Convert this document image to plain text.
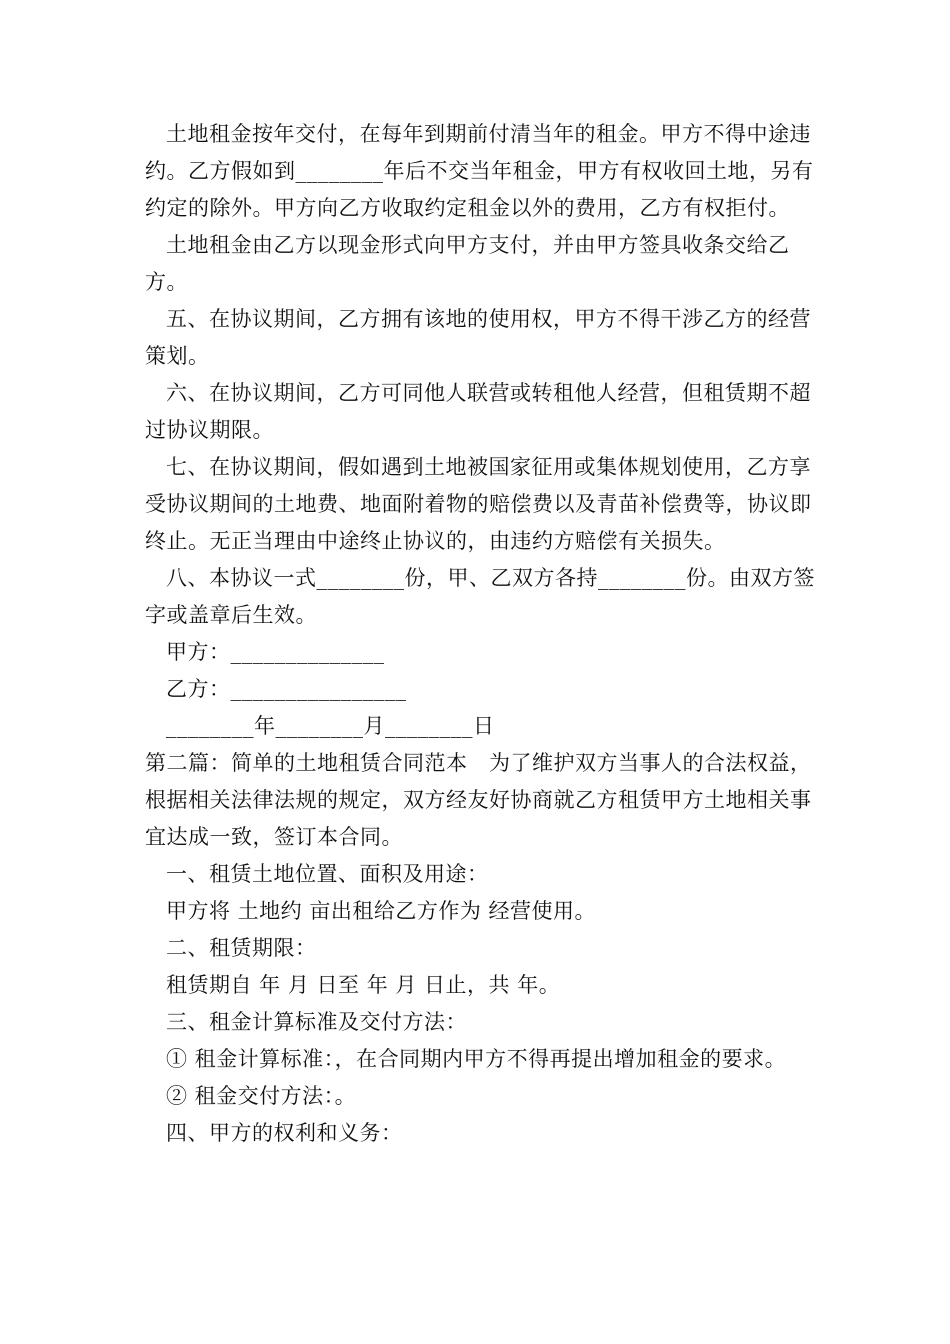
土地租金按年交付，在每年到期前付清当年的租金。甲方不得中途违约。乙方假如到________年后不交当年租金，甲方有权收回土地，另有约定的除外。甲方向乙方收取约定租金以外的费用，乙方有权拒付。

土地租金由乙方以现金形式向甲方支付，并由甲方签具收条交给乙方。

五、在协议期间，乙方拥有该地的使用权，甲方不得干涉乙方的经营策划。

六、在协议期间，乙方可同他人联营或转租他人经营，但租赁期不超过协议期限。

七、在协议期间，假如遇到土地被国家征用或集体规划使用，乙方享受协议期间的土地费、地面附着物的赔偿费以及青苗补偿费等，协议即终止。无正当理由中途终止协议的，由违约方赔偿有关损失。

八、本协议一式________份，甲、乙双方各持________份。由双方签字或盖章后生效。

甲方：______________

乙方：________________

________年________月________日

第二篇：简单的土地租赁合同范本　为了维护双方当事人的合法权益，根据相关法律法规的规定，双方经友好协商就乙方租赁甲方土地相关事宜达成一致，签订本合同。

一、租赁土地位置、面积及用途：

甲方将 土地约 亩出租给乙方作为 经营使用。

二、租赁期限：

租赁期自 年 月 日至 年 月 日止，共 年。

三、租金计算标准及交付方法：

① 租金计算标准：，在合同期内甲方不得再提出增加租金的要求。

② 租金交付方法：。

四、甲方的权利和义务：
